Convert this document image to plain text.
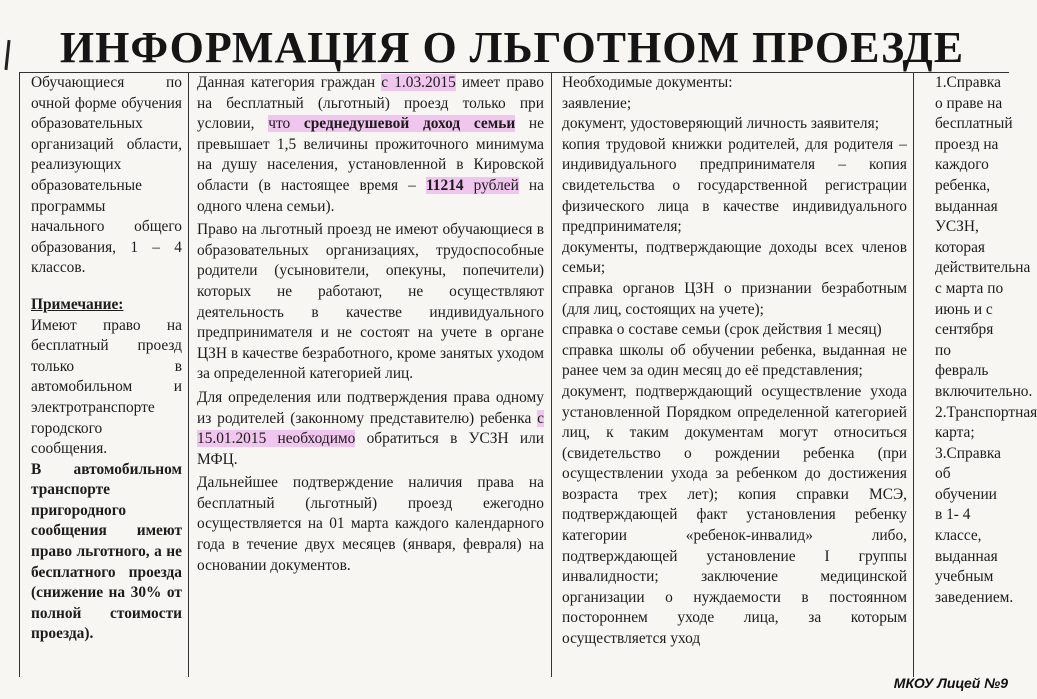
ИНФОРМАЦИЯ О ЛЬГОТНОМ ПРОЕЗДЕ

Обучающиеся по очной форме обучения образовательных организаций области, реализующих образовательные программы начального общего образования, 1 – 4 классов.

Примечание:

Имеют право на бесплатный проезд только в автомобильном и электротранспорте городского сообщения.

В автомобильном транспорте пригородного сообщения имеют право льготного, а не бесплатного проезда (снижение на 30% от полной стоимости проезда).

Данная категория граждан с 1.03.2015 имеет право на бесплатный (льготный) проезд только при условии, что среднедушевой доход семьи не превышает 1,5 величины прожиточного минимума на душу населения, установленной в Кировской области (в настоящее время – 11214 рублей на одного члена семьи).

Право на льготный проезд не имеют обучающиеся в образовательных организациях, трудоспособные родители (усыновители, опекуны, попечители) которых не работают, не осуществляют деятельность в качестве индивидуального предпринимателя и не состоят на учете в органе ЦЗН в качестве безработного, кроме занятых уходом за определенной категорией лиц.

Для определения или подтверждения права одному из родителей (законному представителю) ребенка с 15.01.2015 необходимо обратиться в УСЗН или МФЦ.

Дальнейшее подтверждение наличия права на бесплатный (льготный) проезд ежегодно осуществляется на 01 марта каждого календарного года в течение двух месяцев (января, февраля) на основании документов.

Необходимые документы:

заявление;

документ, удостоверяющий личность заявителя;

копия трудовой книжки родителей, для родителя – индивидуального предпринимателя – копия свидетельства о государственной регистрации физического лица в качестве индивидуального предпринимателя;

документы, подтверждающие доходы всех членов семьи;

справка органов ЦЗН о признании безработным (для лиц, состоящих на учете);

справка о составе семьи (срок действия 1 месяц)

справка школы об обучении ребенка, выданная не ранее чем за один месяц до её представления;

документ, подтверждающий осуществление ухода установленной Порядком определенной категорией лиц, к таким документам могут относиться (свидетельство о рождении ребенка (при осуществлении ухода за ребенком до достижения возраста трех лет); копия справки МСЭ, подтверждающей факт установления ребенку категории «ребенок-инвалид» либо, подтверждающей установление I группы инвалидности; заключение медицинской организации о нуждаемости в постоянном постороннем уходе лица, за которым осуществляется уход

1.Справка о праве на бесплатный проезд на каждого ребенка, выданная УСЗН, которая действительна с марта по июнь и с сентября по февраль включительно.

2.Транспортная карта;

3.Справка об обучении в 1- 4 классе, выданная учебным заведением.

МКОУ Лицей №9
